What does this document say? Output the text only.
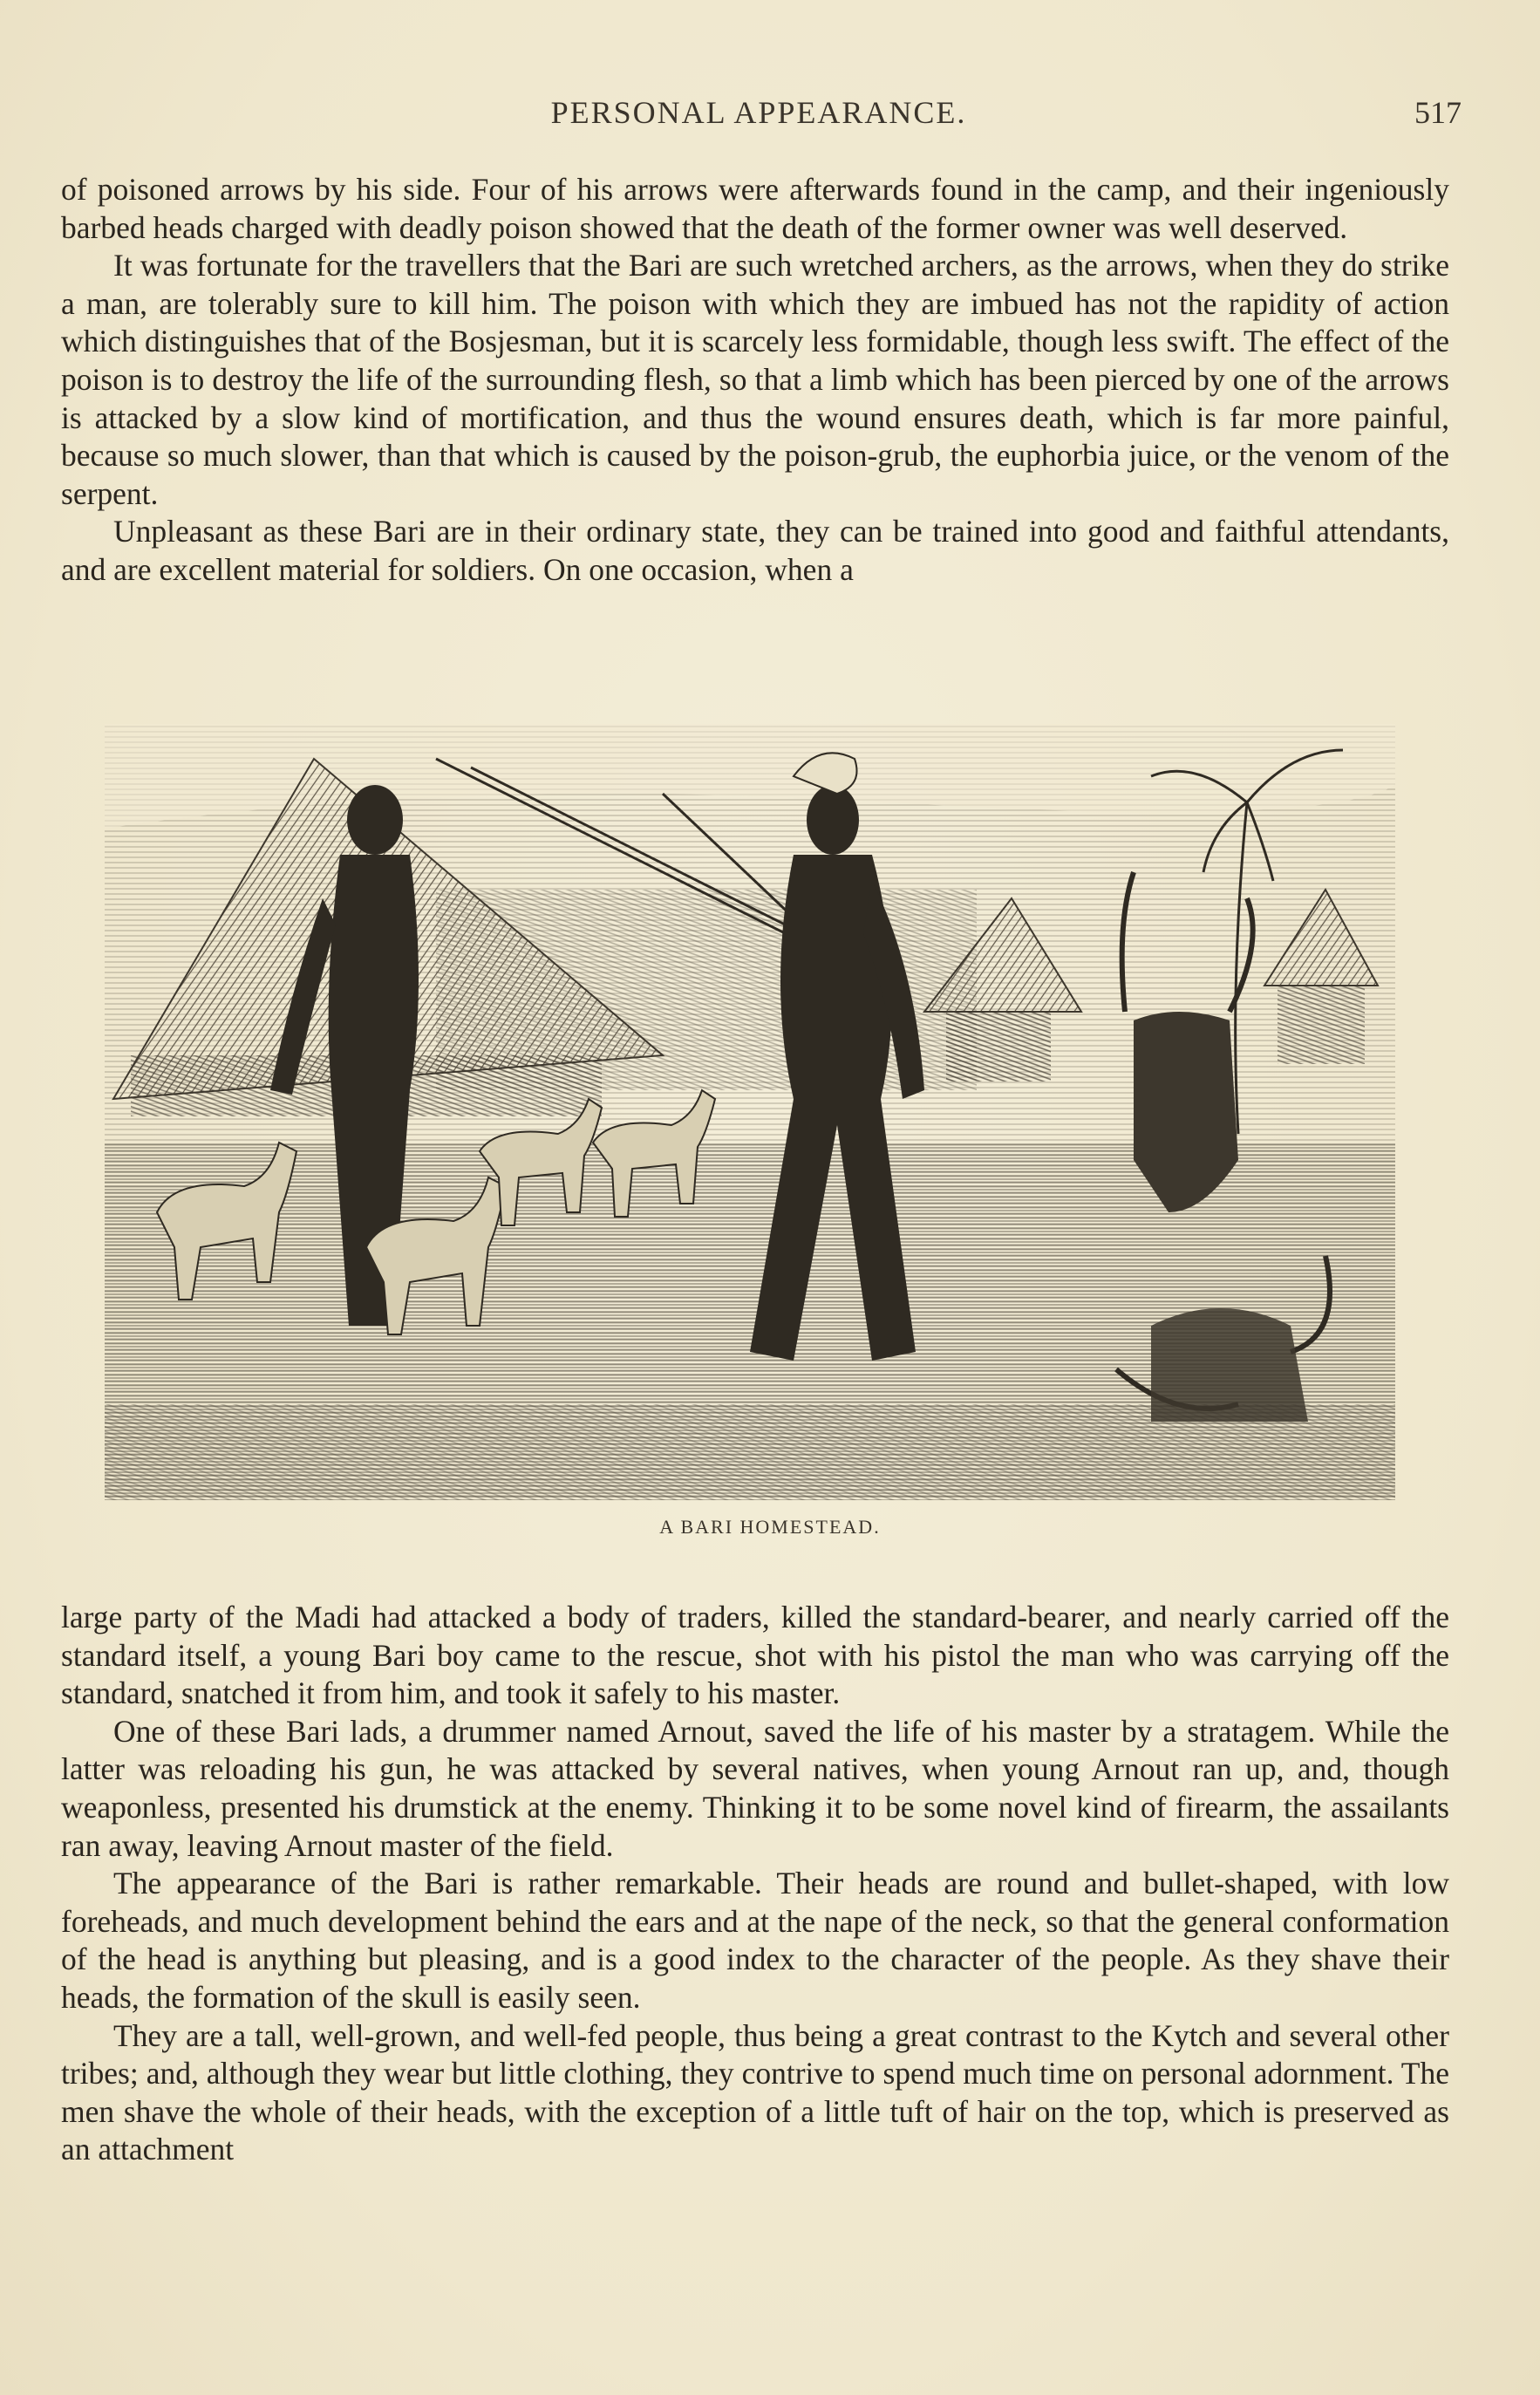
PERSONAL APPEARANCE.	517

of poisoned arrows by his side. Four of his arrows were afterwards found in the camp, and their ingeniously barbed heads charged with deadly poison showed that the death of the former owner was well deserved.

It was fortunate for the travellers that the Bari are such wretched archers, as the arrows, when they do strike a man, are tolerably sure to kill him. The poison with which they are imbued has not the rapidity of action which distinguishes that of the Bosjesman, but it is scarcely less formidable, though less swift. The effect of the poison is to destroy the life of the surrounding flesh, so that a limb which has been pierced by one of the arrows is attacked by a slow kind of mortification, and thus the wound ensures death, which is far more painful, because so much slower, than that which is caused by the poison-grub, the euphorbia juice, or the venom of the serpent.

Unpleasant as these Bari are in their ordinary state, they can be trained into good and faithful attendants, and are excellent material for soldiers. On one occasion, when a

A BARI HOMESTEAD.

large party of the Madi had attacked a body of traders, killed the standard-bearer, and nearly carried off the standard itself, a young Bari boy came to the rescue, shot with his pistol the man who was carrying off the standard, snatched it from him, and took it safely to his master.

One of these Bari lads, a drummer named Arnout, saved the life of his master by a stratagem. While the latter was reloading his gun, he was attacked by several natives, when young Arnout ran up, and, though weaponless, presented his drumstick at the enemy. Thinking it to be some novel kind of firearm, the assailants ran away, leaving Arnout master of the field.

The appearance of the Bari is rather remarkable. Their heads are round and bullet-shaped, with low foreheads, and much development behind the ears and at the nape of the neck, so that the general conformation of the head is anything but pleasing, and is a good index to the character of the people. As they shave their heads, the formation of the skull is easily seen.

They are a tall, well-grown, and well-fed people, thus being a great contrast to the Kytch and several other tribes; and, although they wear but little clothing, they contrive to spend much time on personal adornment. The men shave the whole of their heads, with the exception of a little tuft of hair on the top, which is preserved as an attachment
